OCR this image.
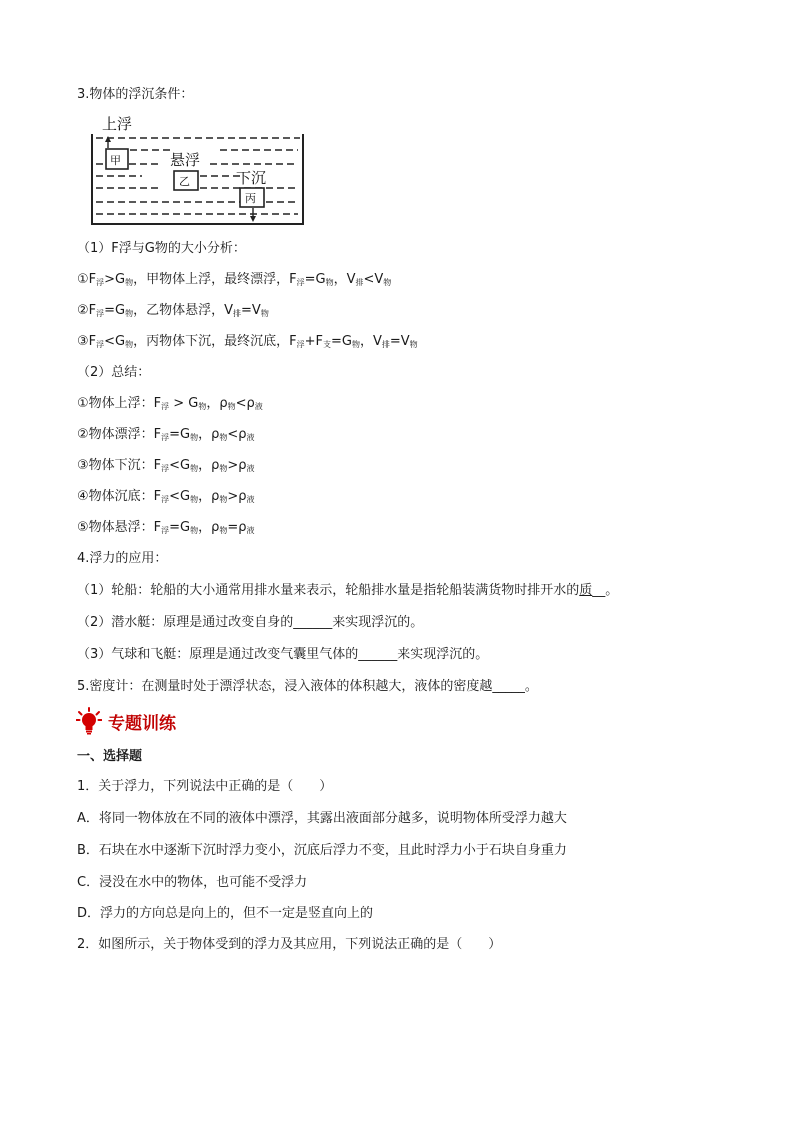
3.物体的浮沉条件：
上浮
悬浮
下沉
甲
乙
丙
（1）F浮与G物的大小分析：
$①F_浮>G_物$，甲物体上浮，最终漂浮，$F_浮=G_物$，$V_排<V_物$
$②F_浮=G_物$，乙物体悬浮，$V_排=V_物$
$③F_浮<G_物$，丙物体下沉，最终沉底，$F_浮+F_支=G_物$，$V_排=V_物$
（2）总结：
①物体上浮：$F_浮 > G_物$，$\rho_物<\rho_液$
②物体漂浮：$F_浮=G_物$，$\rho_物<\rho_液$
③物体下沉：$F_浮<G_物$，$\rho_物>\rho_液$
④物体沉底：$F_浮<G_物$，$\rho_物>\rho_液$
⑤物体悬浮：$F_浮=G_物$，$\rho_物=\rho_液$
4.浮力的应用：
（1）轮船：轮船的大小通常用排水量来表示，轮船排水量是指轮船装满货物时排开水的质__。
（2）潜水艇：原理是通过改变自身的______来实现浮沉的。
（3）气球和飞艇：原理是通过改变气囊里气体的______来实现浮沉的。
5.密度计：在测量时处于漂浮状态，浸入液体的体积越大，液体的密度越_____。
专题训练
一、选择题
1．关于浮力，下列说法中正确的是（　　）
A．将同一物体放在不同的液体中漂浮，其露出液面部分越多，说明物体所受浮力越大
B．石块在水中逐渐下沉时浮力变小，沉底后浮力不变，且此时浮力小于石块自身重力
C．浸没在水中的物体，也可能不受浮力
D．浮力的方向总是向上的，但不一定是竖直向上的
2．如图所示，关于物体受到的浮力及其应用，下列说法正确的是（　　）
